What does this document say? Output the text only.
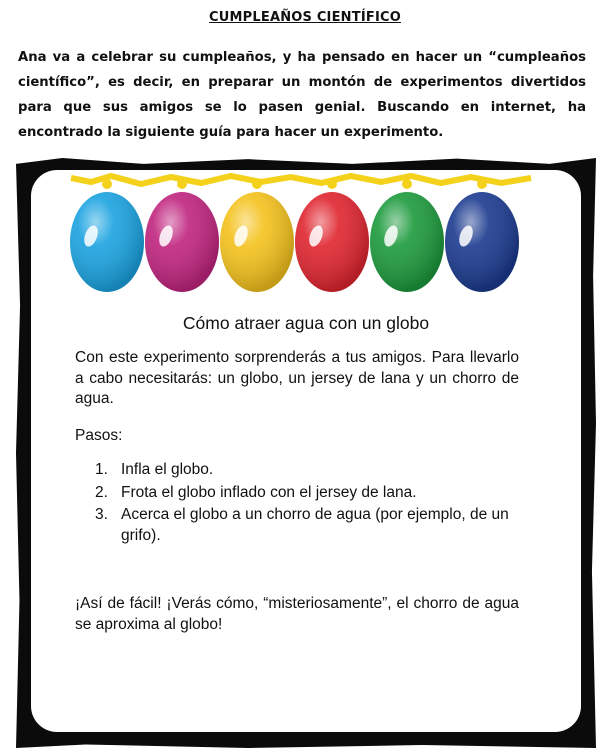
CUMPLEAÑOS CIENTÍFICO

Ana va a celebrar su cumpleaños, y ha pensado en hacer un “cumpleaños científico”, es decir, en preparar un montón de experimentos divertidos para que sus amigos se lo pasen genial. Buscando en internet, ha encontrado la siguiente guía para hacer un experimento.

Cómo atraer agua con un globo

Con este experimento sorprenderás a tus amigos. Para llevarlo a cabo necesitarás: un globo, un jersey de lana y un chorro de agua.

Pasos:

1. Infla el globo.
2. Frota el globo inflado con el jersey de lana.
3. Acerca el globo a un chorro de agua (por ejemplo, de un grifo).

¡Así de fácil! ¡Verás cómo, “misteriosamente”, el chorro de agua se aproxima al globo!
